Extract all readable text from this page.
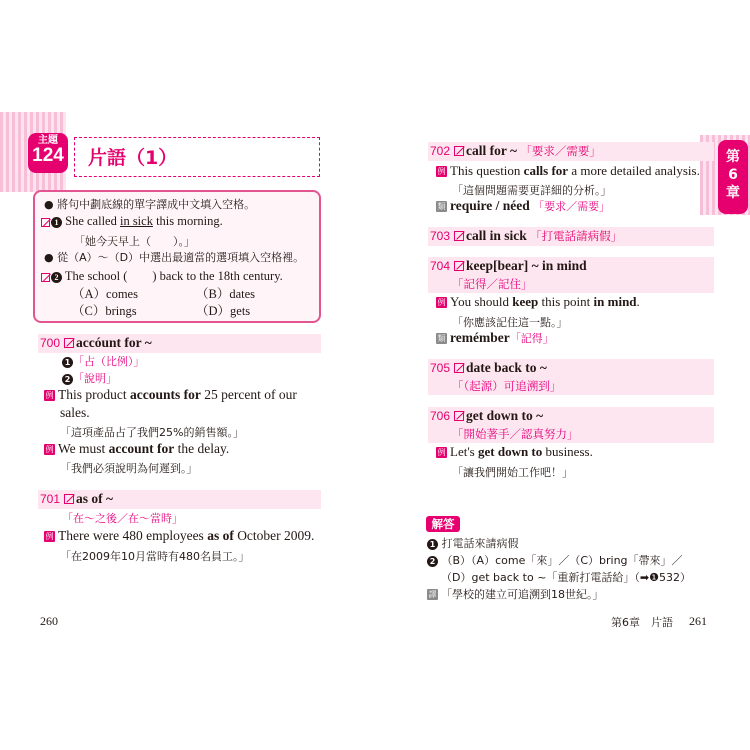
主題
124 片語（1）
● 將句中劃底線的單字譯成中文填入空格。
1 She called in sick this morning.
「她今天早上（　　）。」
● 從（A）～（D）中選出最適當的選項填入空格裡。
2 The school (　　) back to the 18th century.
（A）comes	（B）dates
（C）brings	（D）gets
700	accóunt for ~
1 「占（比例）」
2 「說明」
例 This product accounts for 25 percent of our
sales.
「這項產品占了我們25%的銷售額。」
例 We must account for the delay.
「我們必須說明為何遲到。」
701	as of ~
「在～之後／在～當時」
例 There were 480 employees as of October 2009.
「在2009年10月當時有480名員工。」
第6章
702	call for ~ 「要求／需要」
例 This question calls for a more detailed analysis.
「這個問題需要更詳細的分析。」
類 require / néed 「要求／需要」
703	call in sick 「打電話請病假」
704	keep[bear] ~ in mind
「記得／記住」
例 You should keep this point in mind.
「你應該記住這一點。」
類 remémber「記得」
705	date back to ~
「（起源）可追溯到」
706	get down to ~
「開始著手／認真努力」
例 Let's get down to business.
「讓我們開始工作吧！」
解答
1 打電話來請病假
2 （B）（A）come「來」／（C）bring「帶來」／
（D）get back to ~「重新打電話給」（➡❶532）
譯 「學校的建立可追溯到18世紀。」
260	第6章　片語 261
